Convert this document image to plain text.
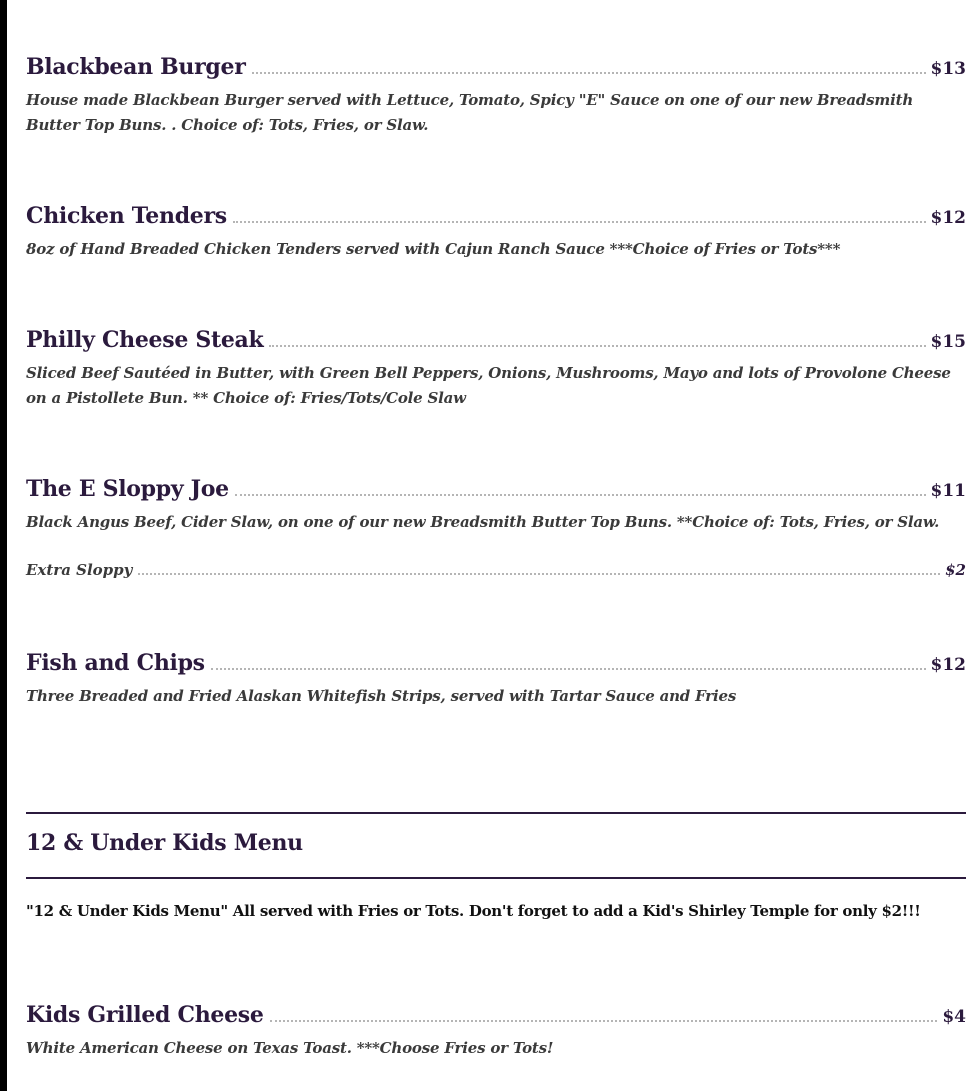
Blackbean Burger	$13
House made Blackbean Burger served with Lettuce, Tomato, Spicy "E" Sauce on one of our new Breadsmith Butter Top Buns. . Choice of: Tots, Fries, or Slaw.
Chicken Tenders	$12
8oz of Hand Breaded Chicken Tenders served with Cajun Ranch Sauce ***Choice of Fries or Tots***
Philly Cheese Steak	$15
Sliced Beef Sautéed in Butter, with Green Bell Peppers, Onions, Mushrooms, Mayo and lots of Provolone Cheese on a Pistollete Bun. ** Choice of: Fries/Tots/Cole Slaw
The E Sloppy Joe	$11
Black Angus Beef, Cider Slaw, on one of our new Breadsmith Butter Top Buns. **Choice of: Tots, Fries, or Slaw.
Extra Sloppy	$2
Fish and Chips	$12
Three Breaded and Fried Alaskan Whitefish Strips, served with Tartar Sauce and Fries
12 & Under Kids Menu
"12 & Under Kids Menu" All served with Fries or Tots. Don't forget to add a Kid's Shirley Temple for only $2!!!
Kids Grilled Cheese	$4
White American Cheese on Texas Toast. ***Choose Fries or Tots!
